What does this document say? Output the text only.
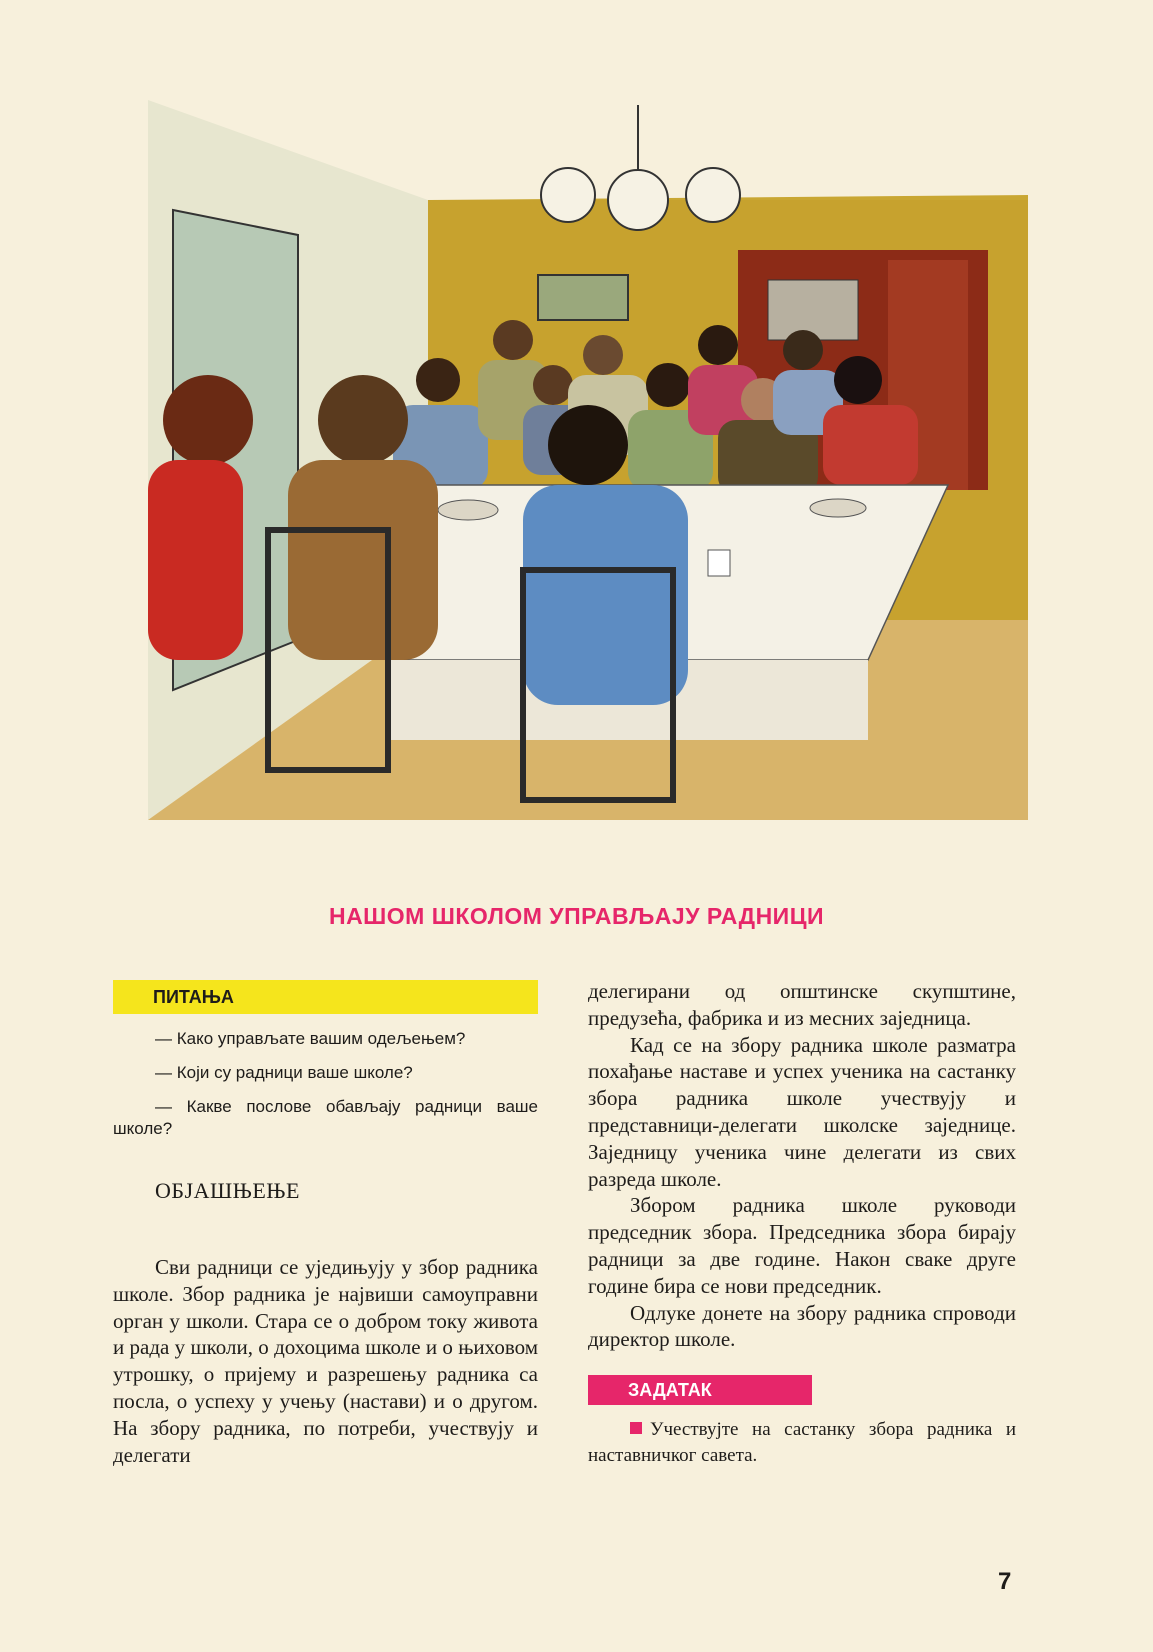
НАШОМ ШКОЛОМ УПРАВЉАЈУ РАДНИЦИ
ПИТАЊА

— Како управљате вашим одељењем?

— Који су радници ваше школе?

— Какве послове обављају радници ваше школе?

ОБЈАШЊЕЊЕ

Сви радници се уједињују у збор радника школе. Збор радника је највиши самоуправни орган у школи. Стара се о добром току живота и рада у школи, о дохоцима школе и о њиховом утрошку, о пријему и разрешењу радника са посла, о успеху у учењу (настави) и о другом. На збору радника, по потреби, учествују и делегати

делегирани од општинске скупштине, предузећа, фабрика и из месних заједница.

Кад се на збору радника школе разматра похађање наставе и успех ученика на састанку збора радника школе учествују и представници-делегати школске заједнице. Заједницу ученика чине делегати из свих разреда школе.

Збором радника школе руководи председник збора. Председника збора бирају радници за две године. Након сваке друге године бира се нови председник.

Одлуке донете на збору радника спроводи директор школе.

ЗАДАТАК
Учествујте на састанку збора радника и наставничког савета.
7
